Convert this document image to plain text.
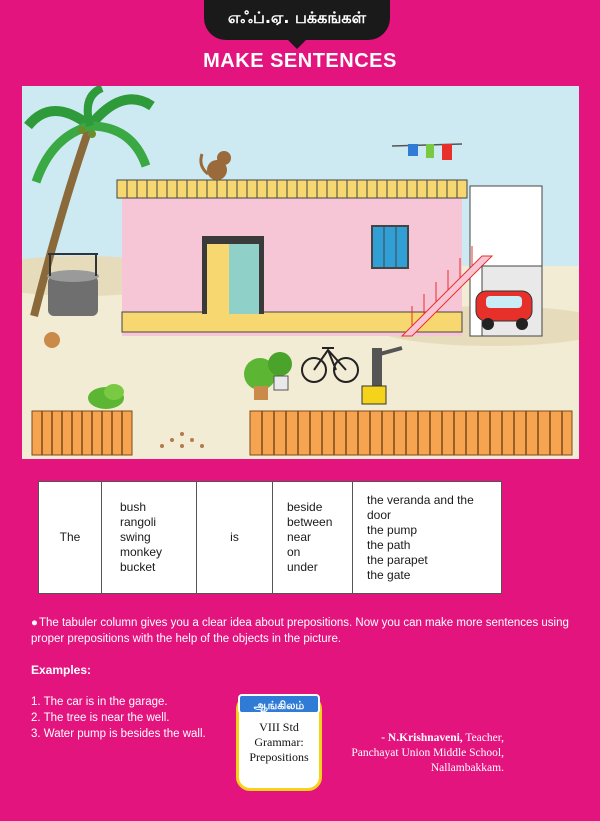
எஃப்.ஏ. பக்கங்கள்
MAKE SENTENCES
The

bush
rangoli
swing
monkey
bucket

is

beside
between
near
on
under

the veranda and the door
the pump
the path
the parapet
the gate

●The tabuler column gives you a clear idea about prepositions. Now you can make more sentences using proper prepositions with the help of the objects in the picture.

Examples:
1. The car is in the garage.
2. The tree is near the well.
3. Water pump is besides the wall.
ஆங்கிலம்
VIII Std
Grammar:
Prepositions
- N.Krishnaveni, Teacher,
Panchayat Union Middle School,
Nallambakkam.
